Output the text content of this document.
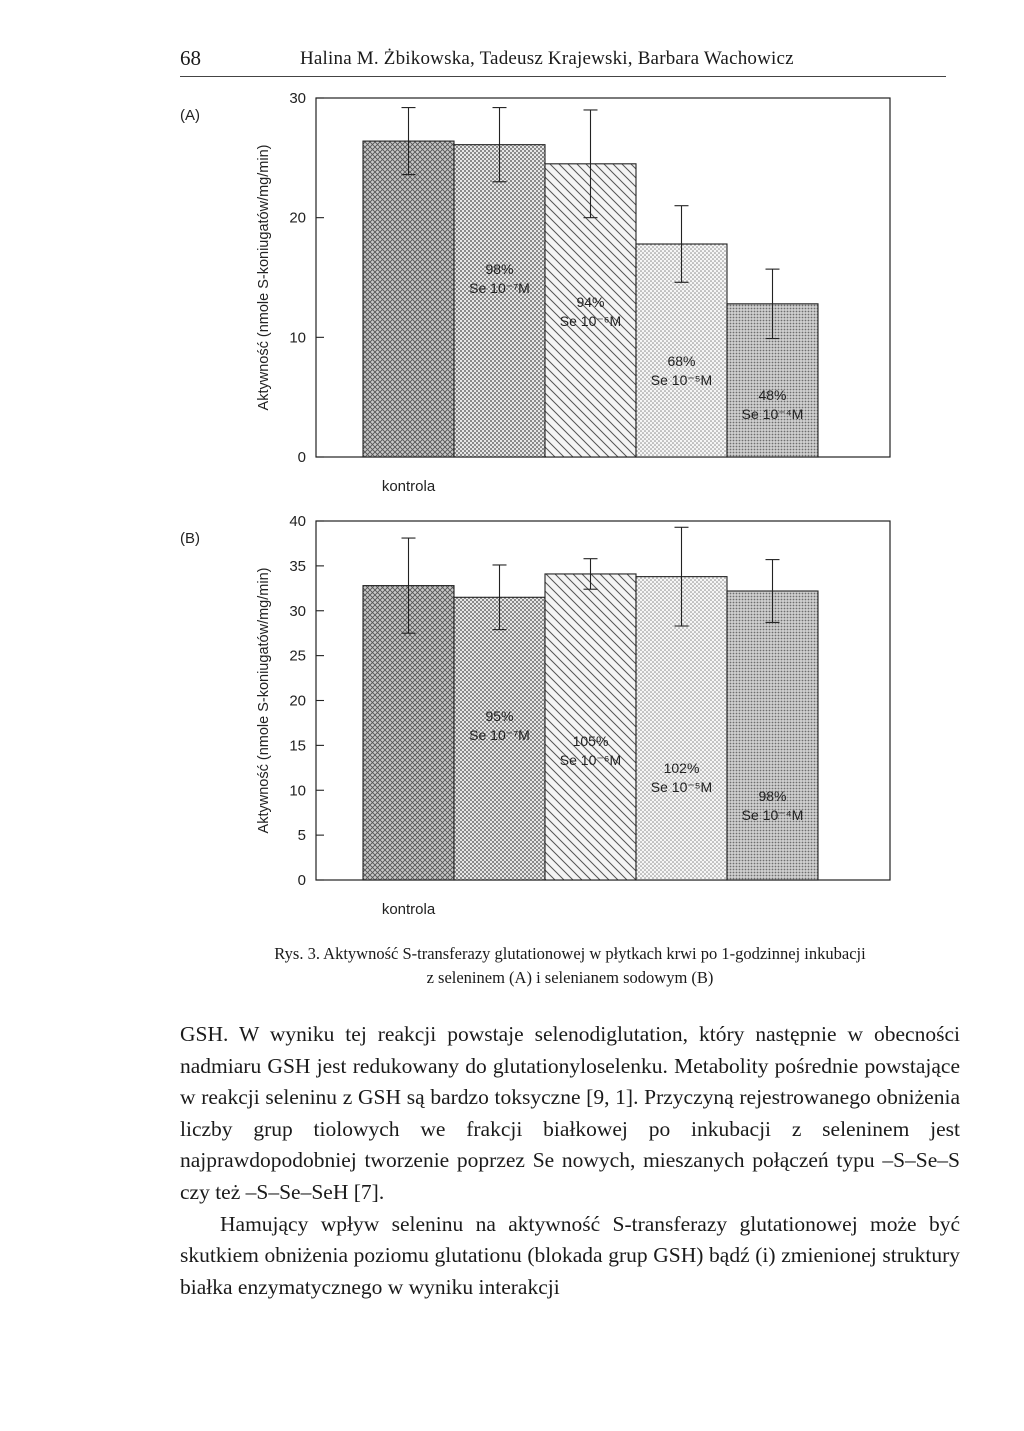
68	Halina M. Żbikowska, Tadeusz Krajewski, Barbara Wachowicz
(A)
0
10
20
30
Aktywność (nmole S-koniugatów/mg/min)	98%
Se 10⁻⁷M
94%
Se 10⁻⁶M
68%
Se 10⁻⁵M
48%
Se 10⁻⁴M
kontrola
(B)
0
5
10
15
20
25
30
35
40
Aktywność (nmole S-koniugatów/mg/min)	95%
Se 10⁻⁷M	105%
Se 10⁻⁶M	102%
Se 10⁻⁵M
98%
Se 10⁻⁴M
kontrola
Rys. 3. Aktywność S-transferazy glutationowej w płytkach krwi po 1-godzinnej inkubacji
z seleninem (A) i selenianem sodowym (B)

GSH. W wyniku tej reakcji powstaje selenodiglutation, który następnie w obecności nadmiaru GSH jest redukowany do glutationyloselenku. Metabolity pośrednie powstające w reakcji seleninu z GSH są bardzo toksyczne [9, 1]. Przyczyną rejestrowanego obniżenia liczby grup tiolowych we frakcji białkowej po inkubacji z seleninem jest najprawdopodobniej tworzenie poprzez Se nowych, mieszanych połączeń typu –S–Se–S czy też –S–Se–SeH [7].

Hamujący wpływ seleninu na aktywność S-transferazy glutationowej może być skutkiem obniżenia poziomu glutationu (blokada grup GSH) bądź (i) zmienionej struktury białka enzymatycznego w wyniku interakcji
